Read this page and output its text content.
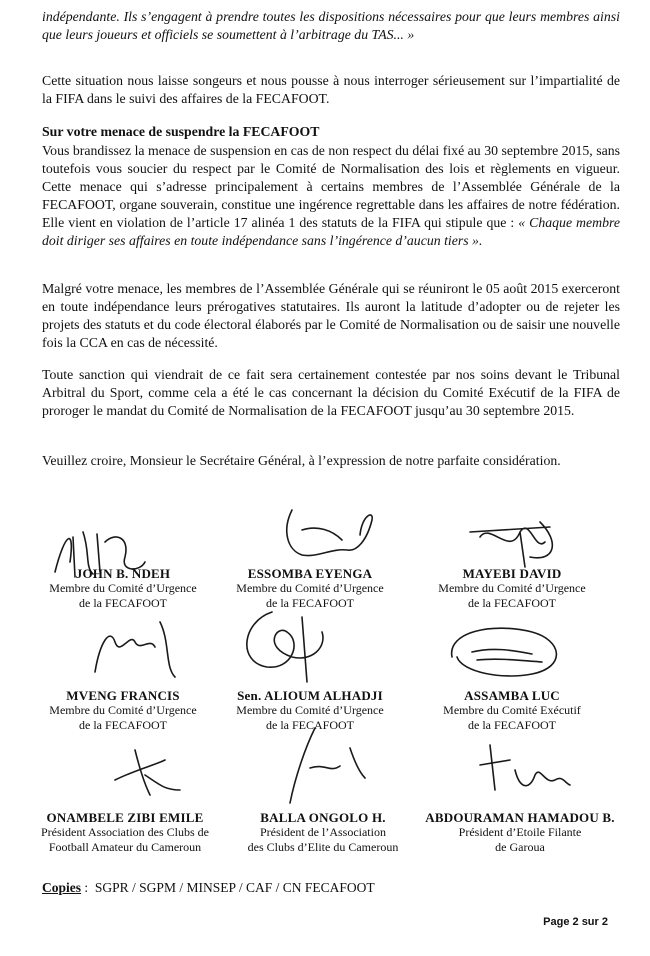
indépendante. Ils s’engagent à prendre toutes les dispositions nécessaires pour que leurs membres ainsi que leurs joueurs et officiels se soumettent à l’arbitrage du TAS... »
Cette situation nous laisse songeurs et nous pousse à nous interroger sérieusement sur l’impartialité de la FIFA dans le suivi des affaires de la FECAFOOT.
Sur votre menace de suspendre la FECAFOOT
Vous brandissez la menace de suspension en cas de non respect du délai fixé au 30 septembre 2015, sans toutefois vous soucier du respect par le Comité de Normalisation des lois et règlements en vigueur. Cette menace qui s’adresse principalement à certains membres de l’Assemblée Générale de la FECAFOOT, organe souverain, constitue une ingérence regrettable dans les affaires de notre fédération. Elle vient en violation de l’article 17 alinéa 1 des statuts de la FIFA qui stipule que : « Chaque membre doit diriger ses affaires en toute indépendance sans l’ingérence d’aucun tiers ».
Malgré votre menace, les membres de l’Assemblée Générale qui se réuniront le 05 août 2015 exerceront en toute indépendance leurs prérogatives statutaires. Ils auront la latitude d’adopter ou de rejeter les projets des statuts et du code électoral élaborés par le Comité de Normalisation ou de saisir une nouvelle fois la CCA en cas de nécessité.
Toute sanction qui viendrait de ce fait sera certainement contestée par nos soins devant le Tribunal Arbitral du Sport, comme cela a été le cas concernant la décision du Comité Exécutif de la FIFA de proroger le mandat du Comité de Normalisation de la FECAFOOT jusqu’au 30 septembre 2015.
Veuillez croire, Monsieur le Secrétaire Général, à l’expression de notre parfaite considération.
JOHN B. NDEH
Membre du Comité d’Urgence
de la FECAFOOT
ESSOMBA EYENGA
Membre du Comité d’Urgence
de la FECAFOOT
MAYEBI DAVID
Membre du Comité d’Urgence
de la FECAFOOT
MVENG FRANCIS
Membre du Comité d’Urgence
de la FECAFOOT
Sen. ALIOUM ALHADJI
Membre du Comité d’Urgence
de la FECAFOOT
ASSAMBA LUC
Membre du Comité Exécutif
de la FECAFOOT
ONAMBELE ZIBI EMILE
Président Association des Clubs de
Football Amateur du Cameroun
BALLA ONGOLO H.
Président de l’Association
des Clubs d’Elite du Cameroun
ABDOURAMAN HAMADOU B.
Président d’Etoile Filante
de Garoua
Copies : SGPR / SGPM / MINSEP / CAF / CN FECAFOOT
Page 2 sur 2
